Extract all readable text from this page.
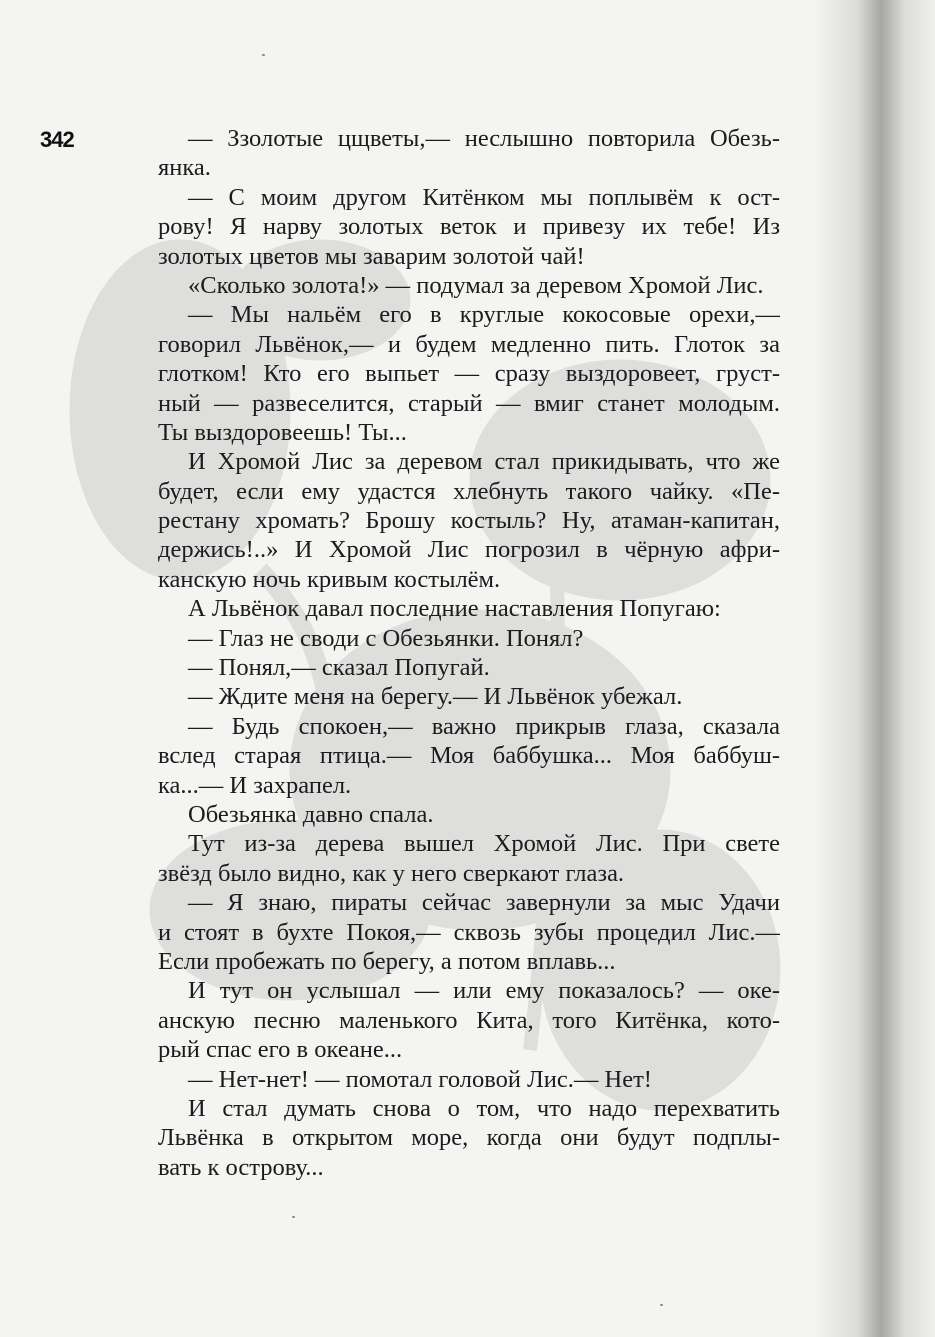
342	— Ззолотые цщветы,— неслышно повторила Обезь-
янка.
— С моим другом Китёнком мы поплывём к ост-
рову! Я нарву золотых веток и привезу их тебе! Из
золотых цветов мы заварим золотой чай!
«Сколько золота!» — подумал за деревом Хромой Лис.
— Мы нальём его в круглые кокосовые орехи,—
говорил Львёнок,— и будем медленно пить. Глоток за
глотком! Кто его выпьет — сразу выздоровеет, груст-
ный — развеселится, старый — вмиг станет молодым.
Ты выздоровеешь! Ты...
И Хромой Лис за деревом стал прикидывать, что же
будет, если ему удастся хлебнуть такого чайку. «Пе-
рестану хромать? Брошу костыль? Ну, атаман-капитан,
держись!..» И Хромой Лис погрозил в чёрную афри-
канскую ночь кривым костылём.
А Львёнок давал последние наставления Попугаю:
— Глаз не своди с Обезьянки. Понял?
— Понял,— сказал Попугай.
— Ждите меня на берегу.— И Львёнок убежал.
— Будь спокоен,— важно прикрыв глаза, сказала
вслед старая птица.— Моя баббушка... Моя баббуш-
ка...— И захрапел.
Обезьянка давно спала.
Тут из-за дерева вышел Хромой Лис. При свете
звёзд было видно, как у него сверкают глаза.
— Я знаю, пираты сейчас завернули за мыс Удачи
и стоят в бухте Покоя,— сквозь зубы процедил Лис.—
Если пробежать по берегу, а потом вплавь...
И тут он услышал — или ему показалось? — оке-
анскую песню маленького Кита, того Китёнка, кото-
рый спас его в океане...
— Нет-нет! — помотал головой Лис.— Нет!
И стал думать снова о том, что надо перехватить
Львёнка в открытом море, когда они будут подплы-
вать к острову...
